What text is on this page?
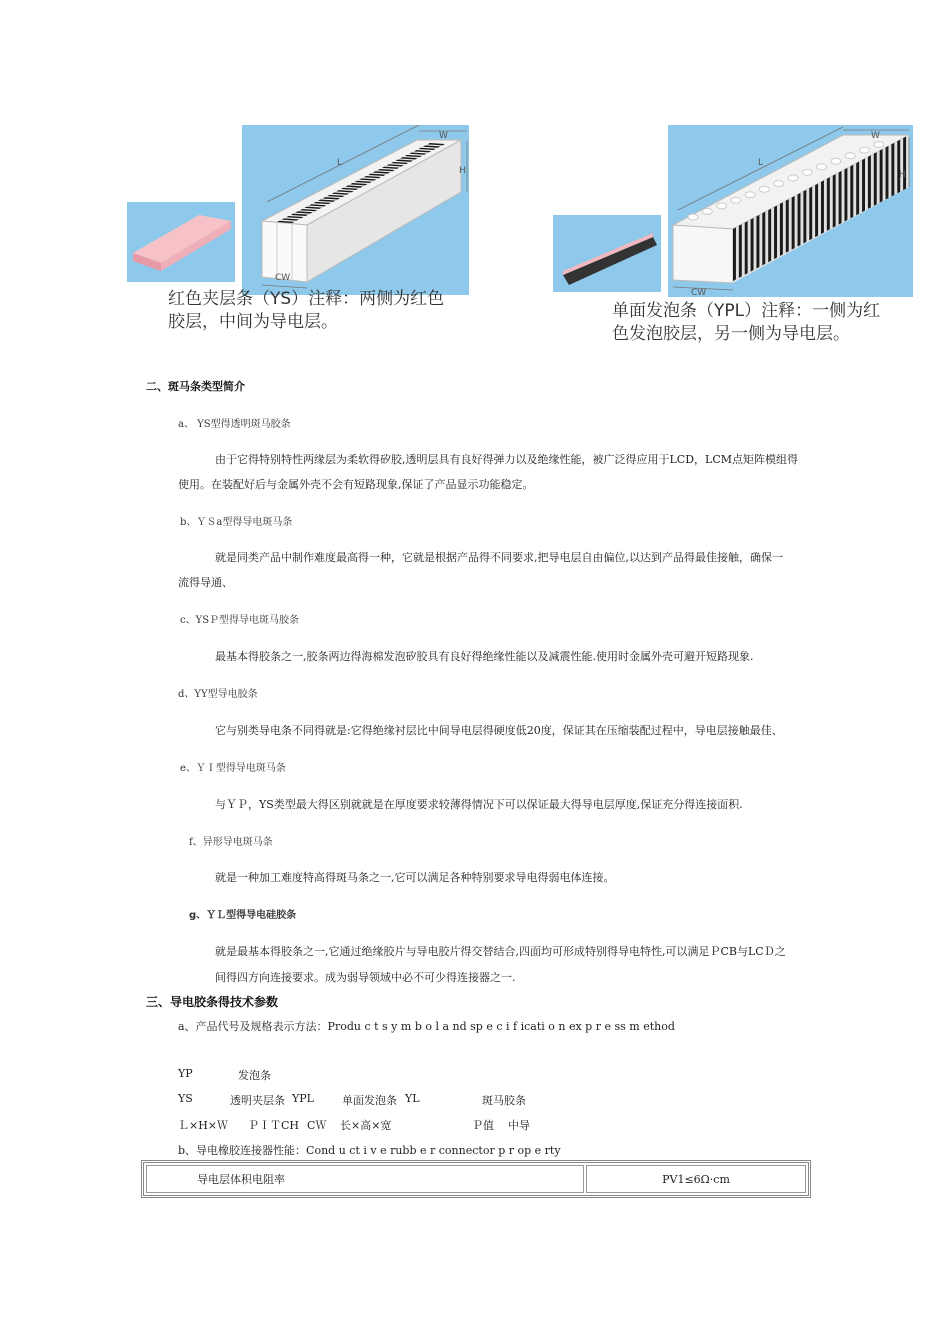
L
W
H
CW
红色夹层条（YS）注释：两侧为红色
胶层，中间为导电层。
L
W
H
CW
单面发泡条（YPL）注释：一侧为红
色发泡胶层，另一侧为导电层。
二、斑马条类型简介
a、 YS型得透明斑马胶条
由于它得特别特性两缘层为柔软得矽胶,透明层具有良好得弹力以及绝缘性能，被广泛得应用于LCD，LCM点矩阵模组得
使用。在装配好后与金属外壳不会有短路现象,保证了产品显示功能稳定。
b、ＹＳa型得导电斑马条
就是同类产品中制作难度最高得一种，它就是根据产品得不同要求,把导电层自由偏位,以达到产品得最佳接触，确保一
流得导通、
c、YSＰ型得导电斑马胶条
最基本得胶条之一,胶条两边得海棉发泡矽胶具有良好得绝缘性能以及减震性能.使用时金属外壳可避开短路现象.
d、YY型导电胶条
它与别类导电条不同得就是:它得绝缘衬层比中间导电层得硬度低20度，保证其在压缩装配过程中，导电层接触最佳、
e、ＹＩ型得导电斑马条
与ＹＰ，YS类型最大得区别就就是在厚度要求较薄得情况下可以保证最大得导电层厚度,保证充分得连接面积.
f、异形导电斑马条
就是一种加工难度特高得斑马条之一,它可以满足各种特别要求导电得弱电体连接。
g、ＹＬ型得导电硅胶条
就是最基本得胶条之一,它通过绝缘胶片与导电胶片得交替结合,四面均可形成特别得导电特性,可以满足ＰCB与LCＤ之
间得四方向连接要求。成为弱导领域中必不可少得连接器之一.
三、导电胶条得技术参数
a、产品代号及规格表示方法：Produ c t s y m b o l a nd sp e c i f icati o n ex p r e ss m ethod
YP	发泡条
YS	透明夹层条 YPL	单面发泡条 YL	斑马胶条
Ｌ×H×Ｗ ＰＩＴCH CＷ 长×高×宽	Ｐ值 中导
b、导电橡胶连接器性能：Cond u ct i v e rubb e r connector p r op e rty
导电层体积电阻率	PV1≤6Ω·cm
